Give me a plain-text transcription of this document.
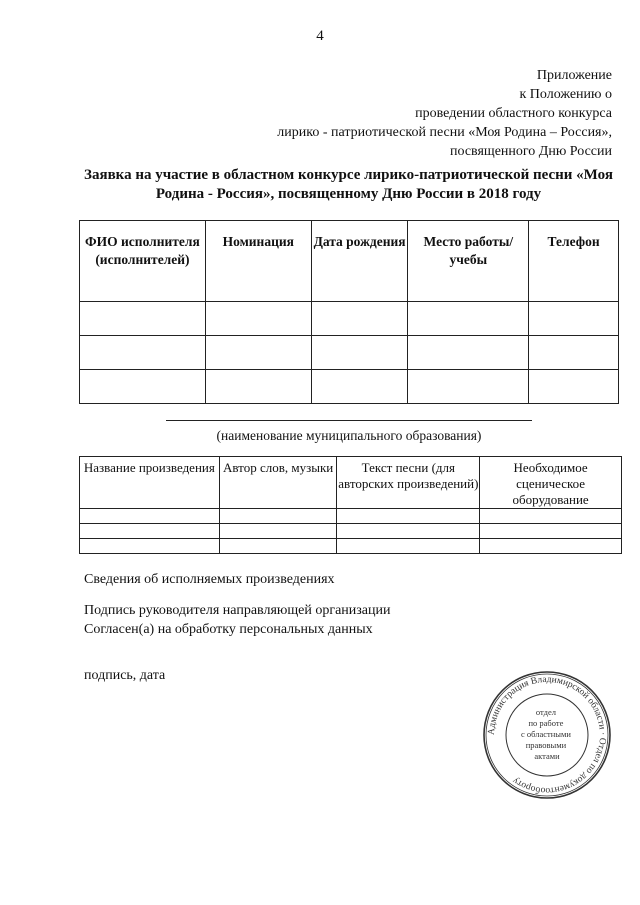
4
Приложение
к Положению о
проведении областного конкурса
лирико - патриотической песни «Моя Родина – Россия»,
посвященного Дню России
Заявка на участие в областном конкурсе лирико-патриотической песни «Моя Родина - Россия», посвященному Дню России в 2018 году
ФИО исполнителя (исполнителей)	Номинация	Дата рождения	Место работы/учебы	Телефон

(наименование муниципального образования)
Название произведения	Автор слов, музыки	Текст песни (для авторских произведений)	Необходимое сценическое оборудование

Сведения об исполняемых произведениях
Подпись руководителя направляющей организации
Согласен(а) на обработку персональных данных
подпись, дата
Администрация Владимирской области · Отдел по документообороту
отдел по работе с областными правовыми актами
